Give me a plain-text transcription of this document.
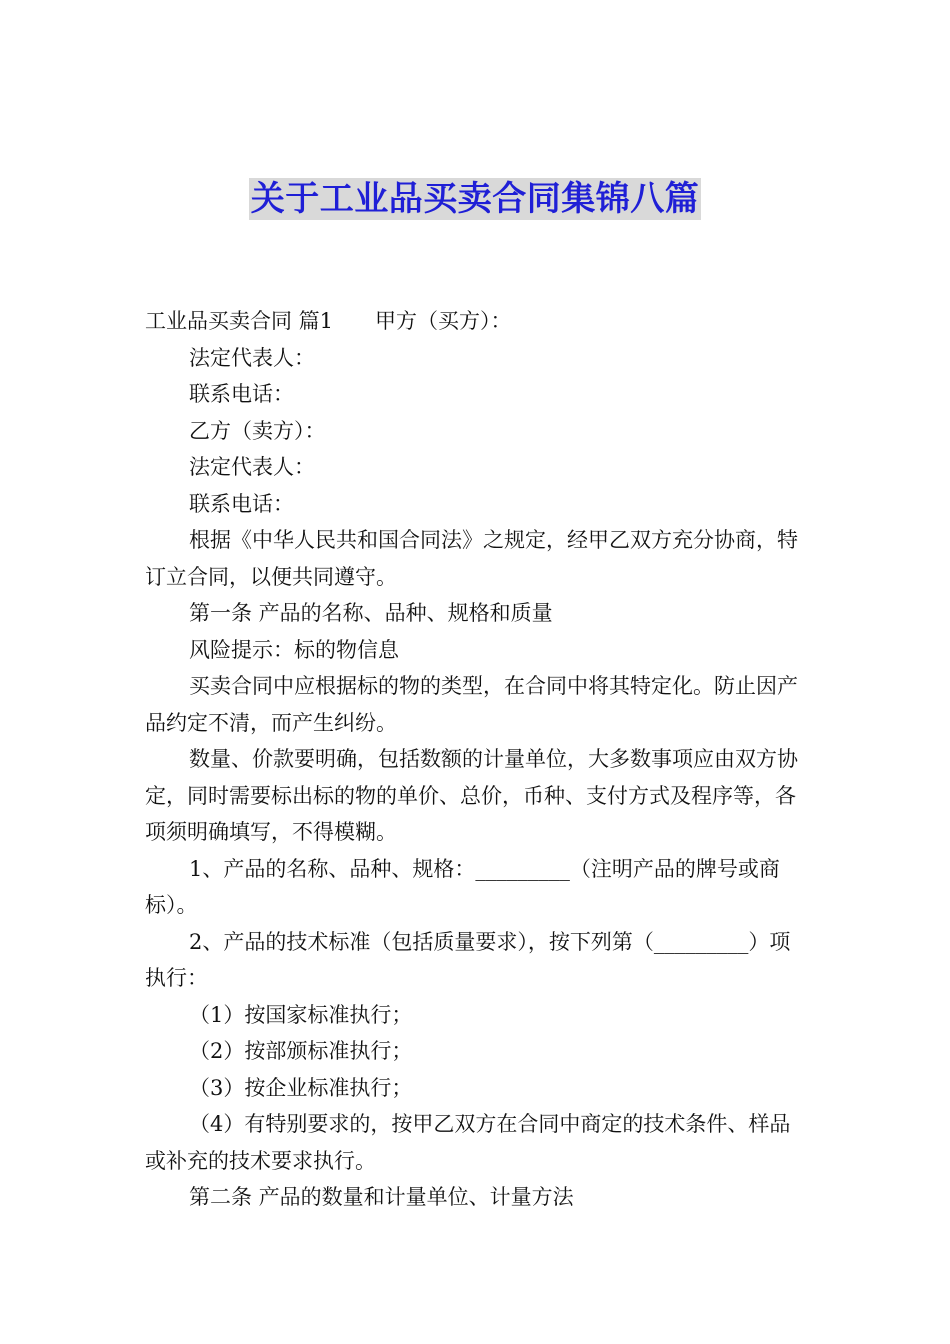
关于工业品买卖合同集锦八篇

工业品买卖合同 篇1 甲方（买方）：

法定代表人：

联系电话：

乙方（卖方）：

法定代表人：

联系电话：

根据《中华人民共和国合同法》之规定，经甲乙双方充分协商，特订立合同，以便共同遵守。

第一条 产品的名称、品种、规格和质量

风险提示：标的物信息

买卖合同中应根据标的物的类型，在合同中将其特定化。防止因产品约定不清，而产生纠纷。

数量、价款要明确，包括数额的计量单位，大多数事项应由双方协定，同时需要标出标的物的单价、总价，币种、支付方式及程序等，各项须明确填写，不得模糊。

1、产品的名称、品种、规格：_________（注明产品的牌号或商标）。

2、产品的技术标准（包括质量要求），按下列第（_________）项执行：

（1）按国家标准执行；

（2）按部颁标准执行；

（3）按企业标准执行；

（4）有特别要求的，按甲乙双方在合同中商定的技术条件、样品或补充的技术要求执行。

第二条 产品的数量和计量单位、计量方法
